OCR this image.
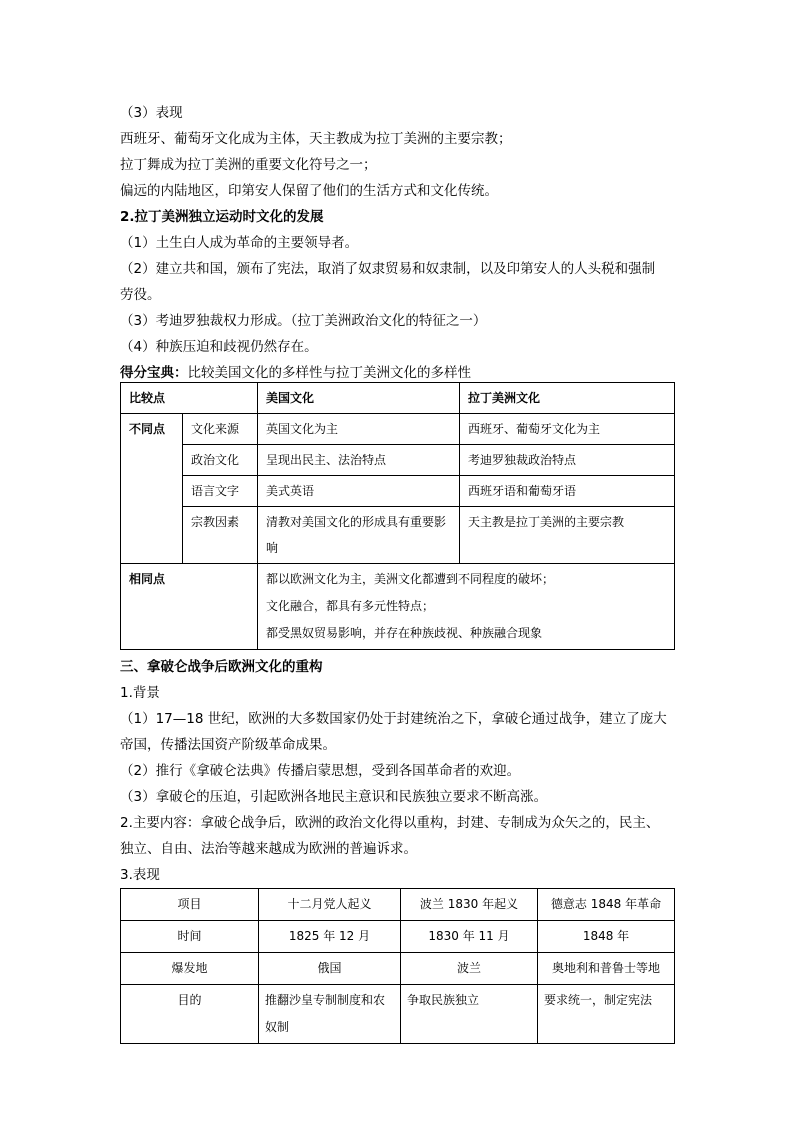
（3）表现
西班牙、葡萄牙文化成为主体，天主教成为拉丁美洲的主要宗教；
拉丁舞成为拉丁美洲的重要文化符号之一；
偏远的内陆地区，印第安人保留了他们的生活方式和文化传统。
2.拉丁美洲独立运动时文化的发展
（1）土生白人成为革命的主要领导者。
（2）建立共和国，颁布了宪法，取消了奴隶贸易和奴隶制，以及印第安人的人头税和强制
劳役。
（3）考迪罗独裁权力形成。（拉丁美洲政治文化的特征之一）
（4）种族压迫和歧视仍然存在。
得分宝典：比较美国文化的多样性与拉丁美洲文化的多样性
比较点		美国文化	拉丁美洲文化
不同点	文化来源	英国文化为主	西班牙、葡萄牙文化为主
	政治文化	呈现出民主、法治特点	考迪罗独裁政治特点
	语言文字	美式英语	西班牙语和葡萄牙语
	宗教因素	清教对美国文化的形成具有重要影响	天主教是拉丁美洲的主要宗教
相同点		都以欧洲文化为主，美洲文化都遭到不同程度的破坏；
文化融合，都具有多元性特点；
都受黑奴贸易影响，并存在种族歧视、种族融合现象	
三、拿破仑战争后欧洲文化的重构
1.背景
（1）17—18 世纪，欧洲的大多数国家仍处于封建统治之下，拿破仑通过战争，建立了庞大
帝国，传播法国资产阶级革命成果。
（2）推行《拿破仑法典》传播启蒙思想，受到各国革命者的欢迎。
（3）拿破仑的压迫，引起欧洲各地民主意识和民族独立要求不断高涨。
2.主要内容：拿破仑战争后，欧洲的政治文化得以重构，封建、专制成为众矢之的，民主、
独立、自由、法治等越来越成为欧洲的普遍诉求。
3.表现
项目	十二月党人起义	波兰 1830 年起义	德意志 1848 年革命
时间	1825 年 12 月	1830 年 11 月	1848 年
爆发地	俄国	波兰	奥地利和普鲁士等地
目的	推翻沙皇专制制度和农奴制	争取民族独立	要求统一，制定宪法
